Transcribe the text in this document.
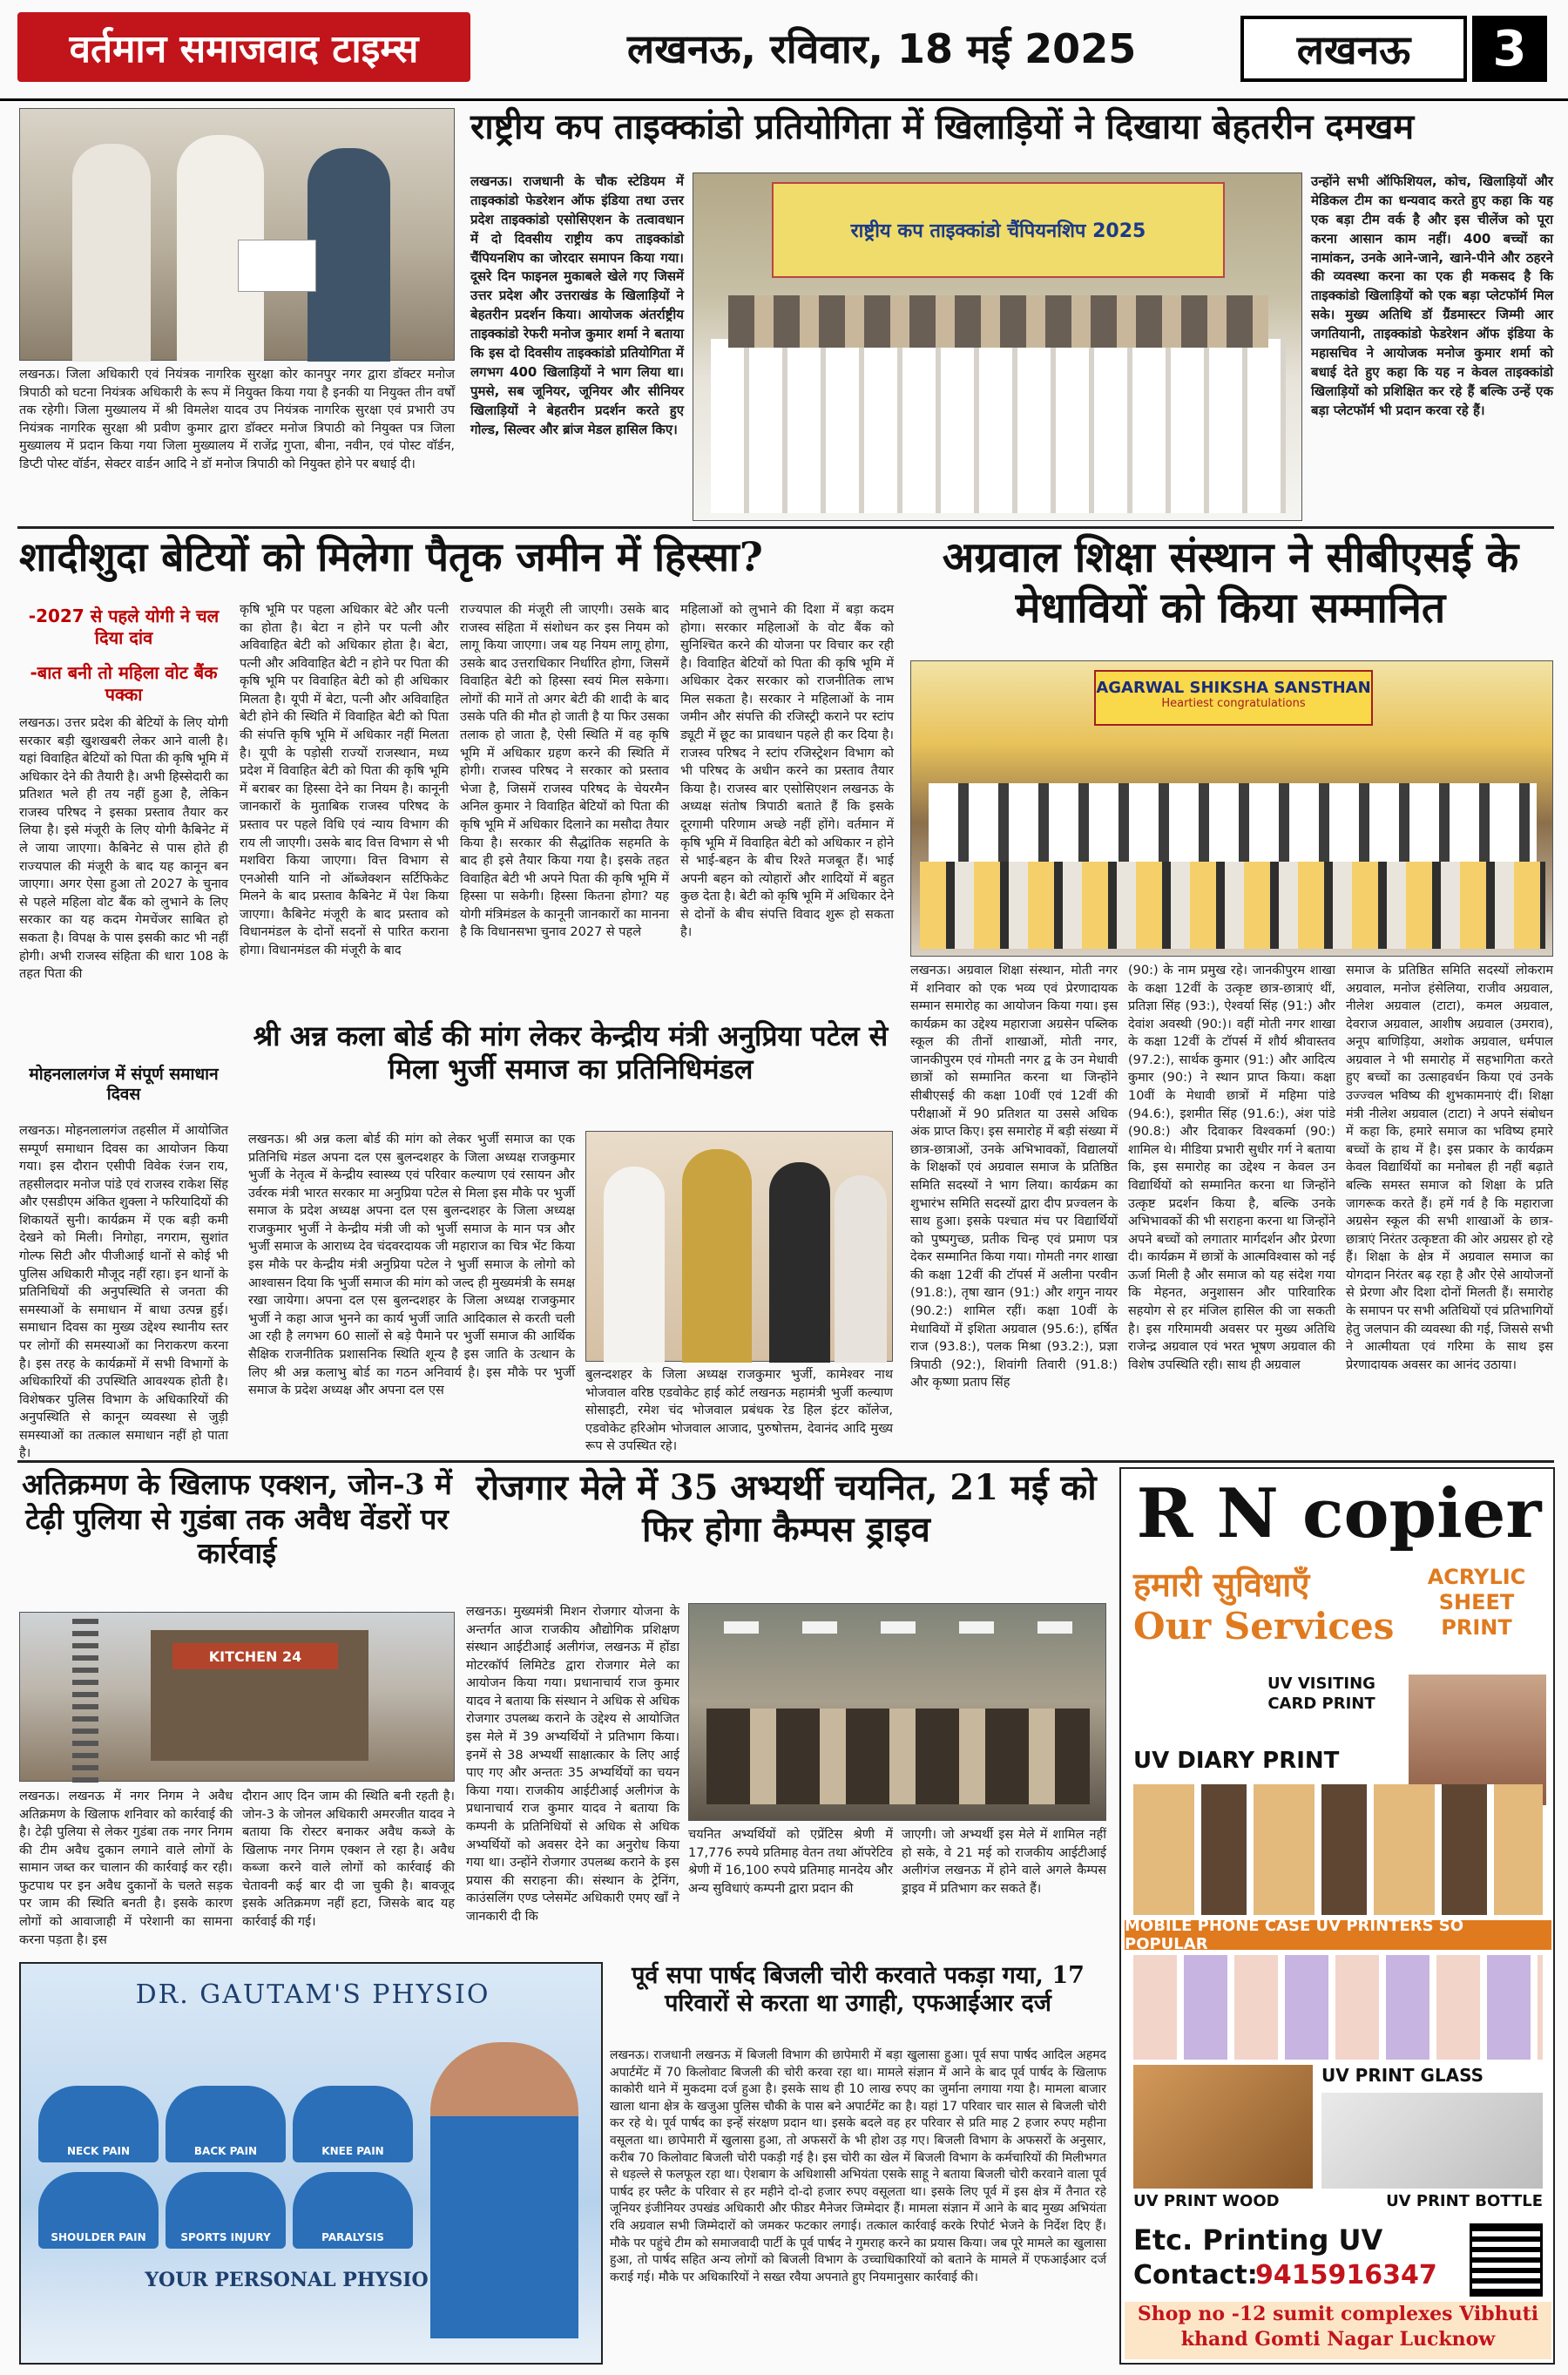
वर्तमान समाजवाद टाइम्स	लखनऊ, रविवार, 18 मई 2025	लखनऊ	3
लखनऊ। जिला अधिकारी एवं नियंत्रक नागरिक सुरक्षा कोर कानपुर नगर द्वारा डॉक्टर मनोज त्रिपाठी को घटना नियंत्रक अधिकारी के रूप में नियुक्त किया गया है इनकी या नियुक्त तीन वर्षों तक रहेगी। जिला मुख्यालय में श्री विमलेश यादव उप नियंत्रक नागरिक सुरक्षा एवं प्रभारी उप नियंत्रक नागरिक सुरक्षा श्री प्रवीण कुमार द्वारा डॉक्टर मनोज त्रिपाठी को नियुक्त पत्र जिला मुख्यालय में प्रदान किया गया जिला मुख्यालय में राजेंद्र गुप्ता, बीना, नवीन, एवं पोस्ट वॉर्डन, डिप्टी पोस्ट वॉर्डन, सेक्टर वार्डन आदि ने डॉ मनोज त्रिपाठी को नियुक्त होने पर बधाई दी।
राष्ट्रीय कप ताइक्कांडो प्रतियोगिता में खिलाड़ियों ने दिखाया बेहतरीन दमखम
लखनऊ। राजधानी के चौक स्टेडियम में ताइक्कांडो फेडरेशन ऑफ इंडिया तथा उत्तर प्रदेश ताइक्कांडो एसोसिएशन के तत्वावधान में दो दिवसीय राष्ट्रीय कप ताइक्कांडो चैंपियनशिप का जोरदार समापन किया गया। दूसरे दिन फाइनल मुकाबले खेले गए जिसमें उत्तर प्रदेश और उत्तराखंड के खिलाड़ियों ने बेहतरीन प्रदर्शन किया। आयोजक अंतर्राष्ट्रीय ताइक्कांडो रेफरी मनोज कुमार शर्मा ने बताया कि इस दो दिवसीय ताइक्कांडो प्रतियोगिता में लगभग 400 खिलाड़ियों ने भाग लिया था। पुमसे, सब जूनियर, जूनियर और सीनियर खिलाड़ियों ने बेहतरीन प्रदर्शन करते हुए गोल्ड, सिल्वर और ब्रांज मेडल हासिल किए।
राष्ट्रीय कप ताइक्कांडो चैंपियनशिप 2025
उन्होंने सभी ऑफिशियल, कोच, खिलाड़ियों और मेडिकल टीम का धन्यवाद करते हुए कहा कि यह एक बड़ा टीम वर्क है और इस चीलेंज को पूरा करना आसान काम नहीं। 400 बच्चों का नामांकन, उनके आने-जाने, खाने-पीने और ठहरने की व्यवस्था करना का एक ही मकसद है कि ताइक्कांडो खिलाड़ियों को एक बड़ा प्लेटफॉर्म मिल सके। मुख्य अतिथि डॉ ग्रैंडमास्टर जिम्मी आर जगतियानी, ताइक्कांडो फेडरेशन ऑफ इंडिया के महासचिव ने आयोजक मनोज कुमार शर्मा को बधाई देते हुए कहा कि यह न केवल ताइक्कांडो खिलाड़ियों को प्रशिक्षित कर रहे हैं बल्कि उन्हें एक बड़ा प्लेटफॉर्म भी प्रदान करवा रहे हैं।
शादीशुदा बेटियों को मिलेगा पैतृक जमीन में हिस्सा?
-2027 से पहले योगी ने चल दिया दांव
-बात बनी तो महिला वोट बैंक पक्का
लखनऊ। उत्तर प्रदेश की बेटियों के लिए योगी सरकार बड़ी खुशखबरी लेकर आने वाली है। यहां विवाहित बेटियों को पिता की कृषि भूमि में अधिकार देने की तैयारी है। अभी हिस्सेदारी का प्रतिशत भले ही तय नहीं हुआ है, लेकिन राजस्व परिषद ने इसका प्रस्ताव तैयार कर लिया है। इसे मंजूरी के लिए योगी कैबिनेट में ले जाया जाएगा। कैबिनेट से पास होते ही राज्यपाल की मंजूरी के बाद यह कानून बन जाएगा। अगर ऐसा हुआ तो 2027 के चुनाव से पहले महिला वोट बैंक को लुभाने के लिए सरकार का यह कदम गेमचेंजर साबित हो सकता है। विपक्ष के पास इसकी काट भी नहीं होगी। अभी राजस्व संहिता की धारा 108 के तहत पिता की
कृषि भूमि पर पहला अधिकार बेटे और पत्नी का होता है। बेटा न होने पर पत्नी और अविवाहित बेटी को अधिकार होता है। बेटा, पत्नी और अविवाहित बेटी न होने पर पिता की कृषि भूमि पर विवाहित बेटी को ही अधिकार मिलता है। यूपी में बेटा, पत्नी और अविवाहित बेटी होने की स्थिति में विवाहित बेटी को पिता की संपत्ति कृषि भूमि में अधिकार नहीं मिलता है। यूपी के पड़ोसी राज्यों राजस्थान, मध्य प्रदेश में विवाहित बेटी को पिता की कृषि भूमि में बराबर का हिस्सा देने का नियम है। कानूनी जानकारों के मुताबिक राजस्व परिषद के प्रस्ताव पर पहले विधि एवं न्याय विभाग की राय ली जाएगी। उसके बाद वित्त विभाग से भी मशविरा किया जाएगा। वित्त विभाग से एनओसी यानि नो ऑब्जेक्शन सर्टिफिकेट मिलने के बाद प्रस्ताव कैबिनेट में पेश किया जाएगा। कैबिनेट मंजूरी के बाद प्रस्ताव को विधानमंडल के दोनों सदनों से पारित कराना होगा। विधानमंडल की मंजूरी के बाद
राज्यपाल की मंजूरी ली जाएगी। उसके बाद राजस्व संहिता में संशोधन कर इस नियम को लागू किया जाएगा। जब यह नियम लागू होगा, उसके बाद उत्तराधिकार निर्धारित होगा, जिसमें विवाहित बेटी को हिस्सा स्वयं मिल सकेगा। लोगों की मानें तो अगर बेटी की शादी के बाद उसके पति की मौत हो जाती है या फिर उसका तलाक हो जाता है, ऐसी स्थिति में वह कृषि भूमि में अधिकार ग्रहण करने की स्थिति में होगी। राजस्व परिषद ने सरकार को प्रस्ताव भेजा है, जिसमें राजस्व परिषद के चेयरमैन अनिल कुमार ने विवाहित बेटियों को पिता की कृषि भूमि में अधिकार दिलाने का मसौदा तैयार किया है। सरकार की सैद्धांतिक सहमति के बाद ही इसे तैयार किया गया है। इसके तहत विवाहित बेटी भी अपने पिता की कृषि भूमि में हिस्सा पा सकेगी। हिस्सा कितना होगा? यह योगी मंत्रिमंडल के कानूनी जानकारों का मानना है कि विधानसभा चुनाव 2027 से पहले
महिलाओं को लुभाने की दिशा में बड़ा कदम होगा। सरकार महिलाओं के वोट बैंक को सुनिश्चित करने की योजना पर विचार कर रही है। विवाहित बेटियों को पिता की कृषि भूमि में अधिकार देकर सरकार को राजनीतिक लाभ मिल सकता है। सरकार ने महिलाओं के नाम जमीन और संपत्ति की रजिस्ट्री कराने पर स्टांप ड्यूटी में छूट का प्रावधान पहले ही कर दिया है। राजस्व परिषद ने स्टांप रजिस्ट्रेशन विभाग को भी परिषद के अधीन करने का प्रस्ताव तैयार किया है। राजस्व बार एसोसिएशन लखनऊ के अध्यक्ष संतोष त्रिपाठी बताते हैं कि इसके दूरगामी परिणाम अच्छे नहीं होंगे। वर्तमान में कृषि भूमि में विवाहित बेटी को अधिकार न होने से भाई-बहन के बीच रिश्ते मजबूत हैं। भाई अपनी बहन को त्योहारों और शादियों में बहुत कुछ देता है। बेटी को कृषि भूमि में अधिकार देने से दोनों के बीच संपत्ति विवाद शुरू हो सकता है।
मोहनलालगंज में संपूर्ण समाधान दिवस
लखनऊ। मोहनलालगंज तहसील में आयोजित सम्पूर्ण समाधान दिवस का आयोजन किया गया। इस दौरान एसीपी विवेक रंजन राय, तहसीलदार मनोज पांडे एवं राजस्व राकेश सिंह और एसडीएम अंकित शुक्ला ने फरियादियों की शिकायतें सुनी। कार्यक्रम में एक बड़ी कमी देखने को मिली। निगोहा, नगराम, सुशांत गोल्फ सिटी और पीजीआई थानों से कोई भी पुलिस अधिकारी मौजूद नहीं रहा। इन थानों के प्रतिनिधियों की अनुपस्थिति से जनता की समस्याओं के समाधान में बाधा उत्पन्न हुई। समाधान दिवस का मुख्य उद्देश्य स्थानीय स्तर पर लोगों की समस्याओं का निराकरण करना है। इस तरह के कार्यक्रमों में सभी विभागों के अधिकारियों की उपस्थिति आवश्यक होती है। विशेषकर पुलिस विभाग के अधिकारियों की अनुपस्थिति से कानून व्यवस्था से जुड़ी समस्याओं का तत्काल समाधान नहीं हो पाता है।
श्री अन्न कला बोर्ड की मांग लेकर केन्द्रीय मंत्री अनुप्रिया पटेल से मिला भुर्जी समाज का प्रतिनिधिमंडल
लखनऊ। श्री अन्न कला बोर्ड की मांग को लेकर भुर्जी समाज का एक प्रतिनिधि मंडल अपना दल एस बुलन्दशहर के जिला अध्यक्ष राजकुमार भुर्जी के नेतृत्व में केन्द्रीय स्वास्थ्य एवं परिवार कल्याण एवं रसायन और उर्वरक मंत्री भारत सरकार मा अनुप्रिया पटेल से मिला इस मौके पर भुर्जी समाज के प्रदेश अध्यक्ष अपना दल एस बुलन्दशहर के जिला अध्यक्ष राजकुमार भुर्जी ने केन्द्रीय मंत्री जी को भुर्जी समाज के मान पत्र और भुर्जी समाज के आराध्य देव चंदवरदायक जी महाराज का चित्र भेंट किया इस मौके पर केन्द्रीय मंत्री अनुप्रिया पटेल ने भुर्जी समाज के लोगो को आश्वासन दिया कि भुर्जी समाज की मांग को जल्द ही मुख्यमंत्री के समक्ष रखा जायेगा। अपना दल एस बुलन्दशहर के जिला अध्यक्ष राजकुमार भुर्जी ने कहा आज भुनने का कार्य भुर्जी जाति आदिकाल से करती चली आ रही है लगभग 60 सालों से बड़े पैमाने पर भुर्जी समाज की आर्थिक सैक्षिक राजनीतिक प्रशासनिक स्थिति शून्य है इस जाति के उत्थान के लिए श्री अन्न कलाभु बोर्ड का गठन अनिवार्य है। इस मौके पर भुर्जी समाज के प्रदेश अध्यक्ष और अपना दल एस
बुलन्दशहर के जिला अध्यक्ष राजकुमार भुर्जी, कामेश्वर नाथ भोजवाल वरिष्ठ एडवोकेट हाई कोर्ट लखनऊ महामंत्री भुर्जी कल्याण सोसाइटी, रमेश चंद भोजवाल प्रबंधक रेड हिल इंटर कॉलेज, एडवोकेट हरिओम भोजवाल आजाद, पुरुषोत्तम, देवानंद आदि मुख्य रूप से उपस्थित रहे।
अग्रवाल शिक्षा संस्थान ने सीबीएसई के मेधावियों को किया सम्मानित
AGARWAL SHIKSHA SANSTHAN
Heartiest congratulations
लखनऊ। अग्रवाल शिक्षा संस्थान, मोती नगर में शनिवार को एक भव्य एवं प्रेरणादायक सम्मान समारोह का आयोजन किया गया। इस कार्यक्रम का उद्देश्य महाराजा अग्रसेन पब्लिक स्कूल की तीनों शाखाओं, मोती नगर, जानकीपुरम एवं गोमती नगर द्व के उन मेधावी छात्रों को सम्मानित करना था जिन्होंने सीबीएसई की कक्षा 10वीं एवं 12वीं की परीक्षाओं में 90 प्रतिशत या उससे अधिक अंक प्राप्त किए। इस समारोह में बड़ी संख्या में छात्र-छात्राओं, उनके अभिभावकों, विद्यालयों के शिक्षकों एवं अग्रवाल समाज के प्रतिष्ठित समिति सदस्यों ने भाग लिया। कार्यक्रम का शुभारंभ समिति सदस्यों द्वारा दीप प्रज्वलन के साथ हुआ। इसके पश्चात मंच पर विद्यार्थियों को पुष्पगुच्छ, प्रतीक चिन्ह एवं प्रमाण पत्र देकर सम्मानित किया गया। गोमती नगर शाखा की कक्षा 12वीं की टॉपर्स में अलीना परवीन (91.8:), तृषा खान (91:) और शगुन नायर (90.2:) शामिल रहीं। कक्षा 10वीं के मेधावियों में इशिता अग्रवाल (95.6:), हर्षित राज (93.8:), पलक मिश्रा (93.2:), प्रज्ञा त्रिपाठी (92:), शिवांगी तिवारी (91.8:) और कृष्णा प्रताप सिंह
(90:) के नाम प्रमुख रहे। जानकीपुरम शाखा के कक्षा 12वीं के उत्कृष्ट छात्र-छात्राएं थीं, प्रतिज्ञा सिंह (93:), ऐश्वर्या सिंह (91:) और देवांश अवस्थी (90:)। वहीं मोती नगर शाखा के कक्षा 12वीं के टॉपर्स में शौर्य श्रीवास्तव (97.2:), सार्थक कुमार (91:) और आदित्य कुमार (90:) ने स्थान प्राप्त किया। कक्षा 10वीं के मेधावी छात्रों में महिमा पांडे (94.6:), इशमीत सिंह (91.6:), अंश पांडे (90.8:) और दिवाकर विश्वकर्मा (90:) शामिल थे। मीडिया प्रभारी सुधीर गर्ग ने बताया कि, इस समारोह का उद्देश्य न केवल उन विद्यार्थियों को सम्मानित करना था जिन्होंने उत्कृष्ट प्रदर्शन किया है, बल्कि उनके अभिभावकों की भी सराहना करना था जिन्होंने अपने बच्चों को लगातार मार्गदर्शन और प्रेरणा दी। कार्यक्रम में छात्रों के आत्मविश्वास को नई ऊर्जा मिली है और समाज को यह संदेश गया कि मेहनत, अनुशासन और पारिवारिक सहयोग से हर मंजिल हासिल की जा सकती है। इस गरिमामयी अवसर पर मुख्य अतिथि राजेन्द्र अग्रवाल एवं भरत भूषण अग्रवाल की विशेष उपस्थिति रही। साथ ही अग्रवाल
समाज के प्रतिष्ठित समिति सदस्यों लोकराम अग्रवाल, मनोज हंसेलिया, राजीव अग्रवाल, नीलेश अग्रवाल (टाटा), कमल अग्रवाल, देवराज अग्रवाल, आशीष अग्रवाल (उमराव), अनूप बाणिड़िया, अशोक अग्रवाल, धर्मपाल अग्रवाल ने भी समारोह में सहभागिता करते हुए बच्चों का उत्साहवर्धन किया एवं उनके उज्ज्वल भविष्य की शुभकामनाएं दीं। शिक्षा मंत्री नीलेश अग्रवाल (टाटा) ने अपने संबोधन में कहा कि, हमारे समाज का भविष्य हमारे बच्चों के हाथ में है। इस प्रकार के कार्यक्रम केवल विद्यार्थियों का मनोबल ही नहीं बढ़ाते बल्कि समस्त समाज को शिक्षा के प्रति जागरूक करते हैं। हमें गर्व है कि महाराजा अग्रसेन स्कूल की सभी शाखाओं के छात्र-छात्राएं निरंतर उत्कृष्टता की ओर अग्रसर हो रहे हैं। शिक्षा के क्षेत्र में अग्रवाल समाज का योगदान निरंतर बढ़ रहा है और ऐसे आयोजनों से प्रेरणा और दिशा दोनों मिलती हैं। समारोह के समापन पर सभी अतिथियों एवं प्रतिभागियों हेतु जलपान की व्यवस्था की गई, जिससे सभी ने आत्मीयता एवं गरिमा के साथ इस प्रेरणादायक अवसर का आनंद उठाया।
अतिक्रमण के खिलाफ एक्शन, जोन-3 में टेढ़ी पुलिया से गुडंबा तक अवैध वेंडरों पर कार्रवाई
KITCHEN 24
लखनऊ। लखनऊ में नगर निगम ने अवैध अतिक्रमण के खिलाफ शनिवार को कार्रवाई की है। टेढ़ी पुलिया से लेकर गुडंबा तक नगर निगम की टीम अवैध दुकान लगाने वाले लोगों के सामान जब्त कर चालान की कार्रवाई कर रही। फुटपाथ पर इन अवैध दुकानों के चलते सड़क पर जाम की स्थिति बनती है। इसके कारण लोगों को आवाजाही में परेशानी का सामना करना पड़ता है। इस
दौरान आए दिन जाम की स्थिति बनी रहती है। जोन-3 के जोनल अधिकारी अमरजीत यादव ने बताया कि रोस्टर बनाकर अवैध कब्जे के खिलाफ नगर निगम एक्शन ले रहा है। अवैध कब्जा करने वाले लोगों को कार्रवाई की चेतावनी कई बार दी जा चुकी है। बावजूद इसके अतिक्रमण नहीं हटा, जिसके बाद यह कार्रवाई की गई।
रोजगार मेले में 35 अभ्यर्थी चयनित, 21 मई को फिर होगा कैम्पस ड्राइव
लखनऊ। मुख्यमंत्री मिशन रोजगार योजना के अन्तर्गत आज राजकीय औद्योगिक प्रशिक्षण संस्थान आईटीआई अलीगंज, लखनऊ में होंडा मोटरकॉर्प लिमिटेड द्वारा रोजगार मेले का आयोजन किया गया। प्रधानाचार्य राज कुमार यादव ने बताया कि संस्थान ने अधिक से अधिक रोजगार उपलब्ध कराने के उद्देश्य से आयोजित इस मेले में 39 अभ्यर्थियों ने प्रतिभाग किया। इनमें से 38 अभ्यर्थी साक्षात्कार के लिए आई पाए गए और अन्ततः 35 अभ्यर्थियों का चयन किया गया। राजकीय आईटीआई अलीगंज के प्रधानाचार्य राज कुमार यादव ने बताया कि कम्पनी के प्रतिनिधियों से अधिक से अधिक अभ्यर्थियों को अवसर देने का अनुरोध किया गया था। उन्होंने रोजगार उपलब्ध कराने के इस प्रयास की सराहना की। संस्थान के ट्रेनिंग, काउंसलिंग एण्ड प्लेसमेंट अधिकारी एमए खाँ ने जानकारी दी कि
चयनित अभ्यर्थियों को एप्रेंटिस श्रेणी में 17,776 रुपये प्रतिमाह वेतन तथा ऑपरेटिव श्रेणी में 16,100 रुपये प्रतिमाह मानदेय और अन्य सुविधाएं कम्पनी द्वारा प्रदान की
जाएगी। जो अभ्यर्थी इस मेले में शामिल नहीं हो सके, वे 21 मई को राजकीय आईटीआई अलीगंज लखनऊ में होने वाले अगले कैम्पस ड्राइव में प्रतिभाग कर सकते हैं।
R N copier
हमारी सुविधाएँ
Our Services
ACRYLIC SHEET PRINT
UV VISITING CARD PRINT
UV DIARY PRINT
MOBILE PHONE CASE UV PRINTERS SO POPULAR
UV PRINT GLASS
UV PRINT WOOD	UV PRINT BOTTLE
Etc. Printing UV
Contact:
9415916347
Shop no -12 sumit complexes Vibhuti khand Gomti Nagar Lucknow
DR. GAUTAM'S PHYSIO
NECK PAIN	BACK PAIN	KNEE PAIN
SHOULDER PAIN	SPORTS INJURY	PARALYSIS
YOUR PERSONAL PHYSIO
पूर्व सपा पार्षद बिजली चोरी करवाते पकड़ा गया, 17 परिवारों से करता था उगाही, एफआईआर दर्ज
लखनऊ। राजधानी लखनऊ में बिजली विभाग की छापेमारी में बड़ा खुलासा हुआ। पूर्व सपा पार्षद आदिल अहमद अपार्टमेंट में 70 किलोवाट बिजली की चोरी करवा रहा था। मामले संज्ञान में आने के बाद पूर्व पार्षद के खिलाफ काकोरी थाने में मुकदमा दर्ज हुआ है। इसके साथ ही 10 लाख रुपए का जुर्माना लगाया गया है। मामला बाजार खाला थाना क्षेत्र के खजुआ पुलिस चौकी के पास बने अपार्टमेंट का है। यहां 17 परिवार चार साल से बिजली चोरी कर रहे थे। पूर्व पार्षद का इन्हें संरक्षण प्रदान था। इसके बदले वह हर परिवार से प्रति माह 2 हजार रुपए महीना वसूलता था। छापेमारी में खुलासा हुआ, तो अफसरों के भी होश उड़ गए। बिजली विभाग के अफसरों के अनुसार, करीब 70 किलोवाट बिजली चोरी पकड़ी गई है। इस चोरी का खेल में बिजली विभाग के कर्मचारियों की मिलीभगत से धड़ल्ले से फलफूल रहा था। ऐशबाग के अधिशासी अभियंता एसके साहू ने बताया बिजली चोरी करवाने वाला पूर्व पार्षद हर फ्लैट के परिवार से हर महीने दो-दो हजार रुपए वसूलता था। इसके लिए पूर्व में इस क्षेत्र में तैनात रहे जूनियर इंजीनियर उपखंड अधिकारी और फीडर मैनेजर जिम्मेदार हैं। मामला संज्ञान में आने के बाद मुख्य अभियंता रवि अग्रवाल सभी जिम्मेदारों को जमकर फटकार लगाई। तत्काल कार्रवाई करके रिपोर्ट भेजने के निर्देश दिए हैं। मौके पर पहुंचे टीम को समाजवादी पार्टी के पूर्व पार्षद ने गुमराह करने का प्रयास किया। जब पूरे मामले का खुलासा हुआ, तो पार्षद सहित अन्य लोगों को बिजली विभाग के उच्चाधिकारियों को बताने के मामले में एफआईआर दर्ज कराई गई। मौके पर अधिकारियों ने सख्त रवैया अपनाते हुए नियमानुसार कार्रवाई की।
